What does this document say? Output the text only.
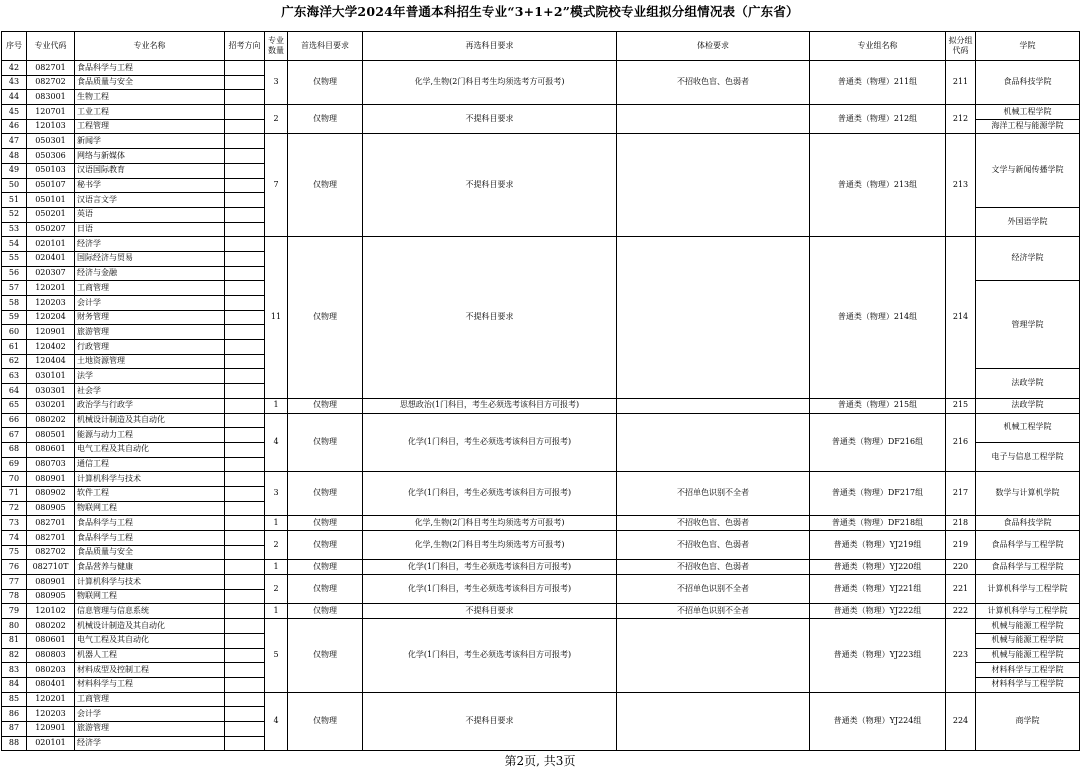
广东海洋大学2024年普通本科招生专业“3+1+2”模式院校专业组拟分组情况表（广东省）
序号	专业代码	专业名称	招考方向	专业数量	首选科目要求	再选科目要求	体检要求	专业组名称	拟分组代码	学院
42	082701	食品科学与工程		3	仅物理	化学,生物(2门科目考生均须选考方可报考)	不招收色盲、色弱者	普通类（物理）211组	211	食品科技学院
43	082702	食品质量与安全								
44	083001	生物工程								
45	120701	工业工程		2	仅物理	不提科目要求		普通类（物理）212组	212	机械工程学院
46	120103	工程管理								海洋工程与能源学院
47	050301	新闻学		7	仅物理	不提科目要求		普通类（物理）213组	213	文学与新闻传播学院
48	050306	网络与新媒体								
49	050103	汉语国际教育								
50	050107	秘书学								
51	050101	汉语言文学								
52	050201	英语								外国语学院
53	050207	日语								
54	020101	经济学		11	仅物理	不提科目要求		普通类（物理）214组	214	经济学院
55	020401	国际经济与贸易								
56	020307	经济与金融								
57	120201	工商管理								管理学院
58	120203	会计学								
59	120204	财务管理								
60	120901	旅游管理								
61	120402	行政管理								
62	120404	土地资源管理								
63	030101	法学								法政学院
64	030301	社会学								
65	030201	政治学与行政学		1	仅物理	思想政治(1门科目，考生必须选考该科目方可报考)		普通类（物理）215组	215	法政学院
66	080202	机械设计制造及其自动化		4	仅物理	化学(1门科目，考生必须选考该科目方可报考)		普通类（物理）DF216组	216	机械工程学院
67	080501	能源与动力工程								
68	080601	电气工程及其自动化								电子与信息工程学院
69	080703	通信工程								
70	080901	计算机科学与技术		3	仅物理	化学(1门科目，考生必须选考该科目方可报考)	不招单色识别不全者	普通类（物理）DF217组	217	数学与计算机学院
71	080902	软件工程								
72	080905	物联网工程								
73	082701	食品科学与工程		1	仅物理	化学,生物(2门科目考生均须选考方可报考)	不招收色盲、色弱者	普通类（物理）DF218组	218	食品科技学院
74	082701	食品科学与工程		2	仅物理	化学,生物(2门科目考生均须选考方可报考)	不招收色盲、色弱者	普通类（物理）YJ219组	219	食品科学与工程学院
75	082702	食品质量与安全								
76	082710T	食品营养与健康		1	仅物理	化学(1门科目，考生必须选考该科目方可报考)	不招收色盲、色弱者	普通类（物理）YJ220组	220	食品科学与工程学院
77	080901	计算机科学与技术		2	仅物理	化学(1门科目，考生必须选考该科目方可报考)	不招单色识别不全者	普通类（物理）YJ221组	221	计算机科学与工程学院
78	080905	物联网工程								
79	120102	信息管理与信息系统		1	仅物理	不提科目要求	不招单色识别不全者	普通类（物理）YJ222组	222	计算机科学与工程学院
80	080202	机械设计制造及其自动化		5	仅物理	化学(1门科目，考生必须选考该科目方可报考)		普通类（物理）YJ223组	223	机械与能源工程学院
81	080601	电气工程及其自动化								机械与能源工程学院
82	080803	机器人工程								机械与能源工程学院
83	080203	材料成型及控制工程								材料科学与工程学院
84	080401	材料科学与工程								材料科学与工程学院
85	120201	工商管理		4	仅物理	不提科目要求		普通类（物理）YJ224组	224	商学院
86	120203	会计学								
87	120901	旅游管理								
88	020101	经济学								
第2页, 共3页
